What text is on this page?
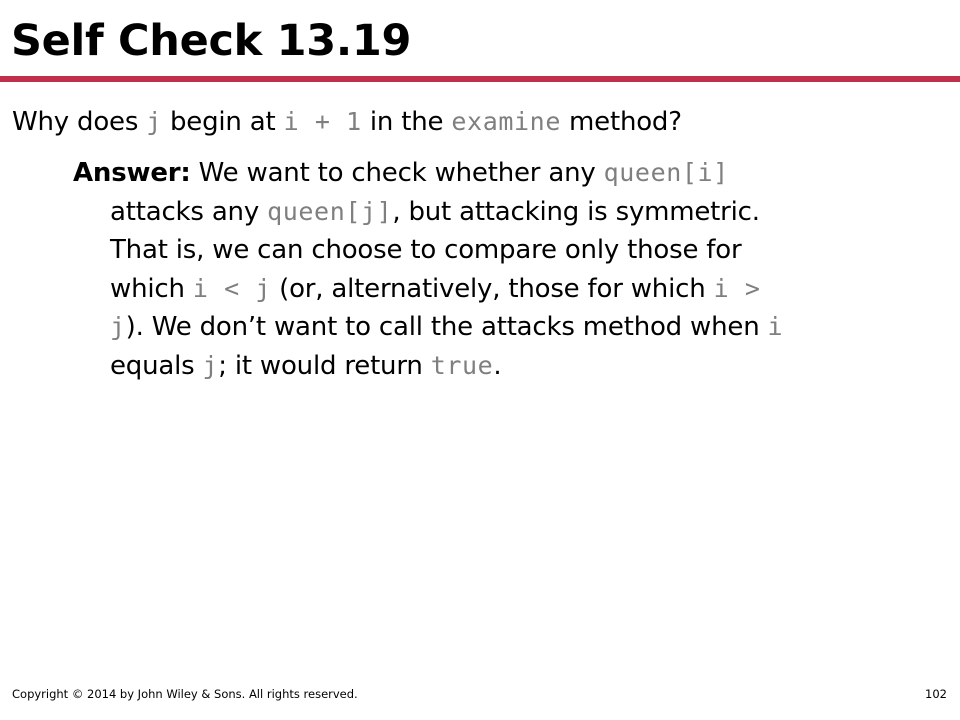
Self Check 13.19

Why does j begin at i + 1 in the examine method?

Answer: We want to check whether any queen[i]
attacks any queen[j], but attacking is symmetric.
That is, we can choose to compare only those for
which i < j (or, alternatively, those for which i >
j). We don’t want to call the attacks method when i
equals j; it would return true.
Copyright © 2014 by John Wiley & Sons. All rights reserved.	102
